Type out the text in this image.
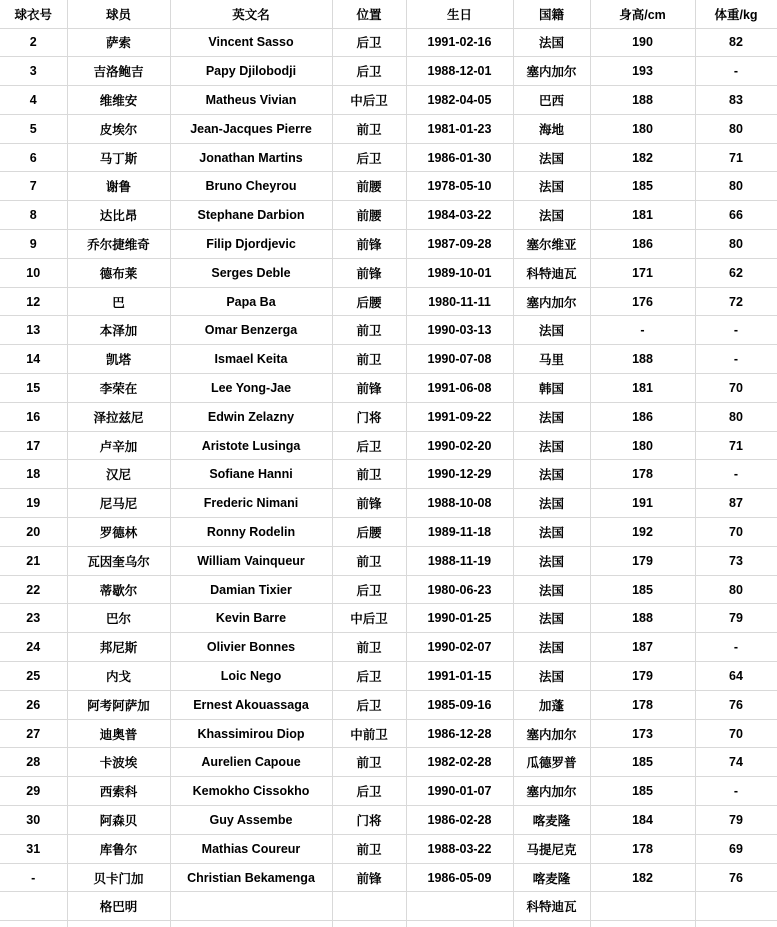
球衣号	球员	英文名	位置	生日	国籍	身高/cm	体重/kg
2	萨索	Vincent Sasso	后卫	1991-02-16	法国	190	82
3	吉洛鲍吉	Papy Djilobodji	后卫	1988-12-01	塞内加尔	193	-
4	维维安	Matheus Vivian	中后卫	1982-04-05	巴西	188	83
5	皮埃尔	Jean-Jacques Pierre	前卫	1981-01-23	海地	180	80
6	马丁斯	Jonathan Martins	后卫	1986-01-30	法国	182	71
7	谢鲁	Bruno Cheyrou	前腰	1978-05-10	法国	185	80
8	达比昂	Stephane Darbion	前腰	1984-03-22	法国	181	66
9	乔尔捷维奇	Filip Djordjevic	前锋	1987-09-28	塞尔维亚	186	80
10	德布莱	Serges Deble	前锋	1989-10-01	科特迪瓦	171	62
12	巴	Papa Ba	后腰	1980-11-11	塞内加尔	176	72
13	本泽加	Omar Benzerga	前卫	1990-03-13	法国	-	-
14	凯塔	Ismael Keita	前卫	1990-07-08	马里	188	-
15	李荣在	Lee Yong-Jae	前锋	1991-06-08	韩国	181	70
16	泽拉兹尼	Edwin Zelazny	门将	1991-09-22	法国	186	80
17	卢辛加	Aristote Lusinga	后卫	1990-02-20	法国	180	71
18	汉尼	Sofiane Hanni	前卫	1990-12-29	法国	178	-
19	尼马尼	Frederic Nimani	前锋	1988-10-08	法国	191	87
20	罗德林	Ronny Rodelin	后腰	1989-11-18	法国	192	70
21	瓦因奎乌尔	William Vainqueur	前卫	1988-11-19	法国	179	73
22	蒂歇尔	Damian Tixier	后卫	1980-06-23	法国	185	80
23	巴尔	Kevin Barre	中后卫	1990-01-25	法国	188	79
24	邦尼斯	Olivier Bonnes	前卫	1990-02-07	法国	187	-
25	内戈	Loic Nego	后卫	1991-01-15	法国	179	64
26	阿考阿萨加	Ernest Akouassaga	后卫	1985-09-16	加蓬	178	76
27	迪奥普	Khassimirou Diop	中前卫	1986-12-28	塞内加尔	173	70
28	卡波埃	Aurelien Capoue	前卫	1982-02-28	瓜德罗普	185	74
29	西索科	Kemokho Cissokho	后卫	1990-01-07	塞内加尔	185	-
30	阿森贝	Guy Assembe	门将	1986-02-28	喀麦隆	184	79
31	库鲁尔	Mathias Coureur	前卫	1988-03-22	马提尼克	178	69
-	贝卡门加	Christian Bekamenga	前锋	1986-05-09	喀麦隆	182	76
	格巴明				科特迪瓦		
